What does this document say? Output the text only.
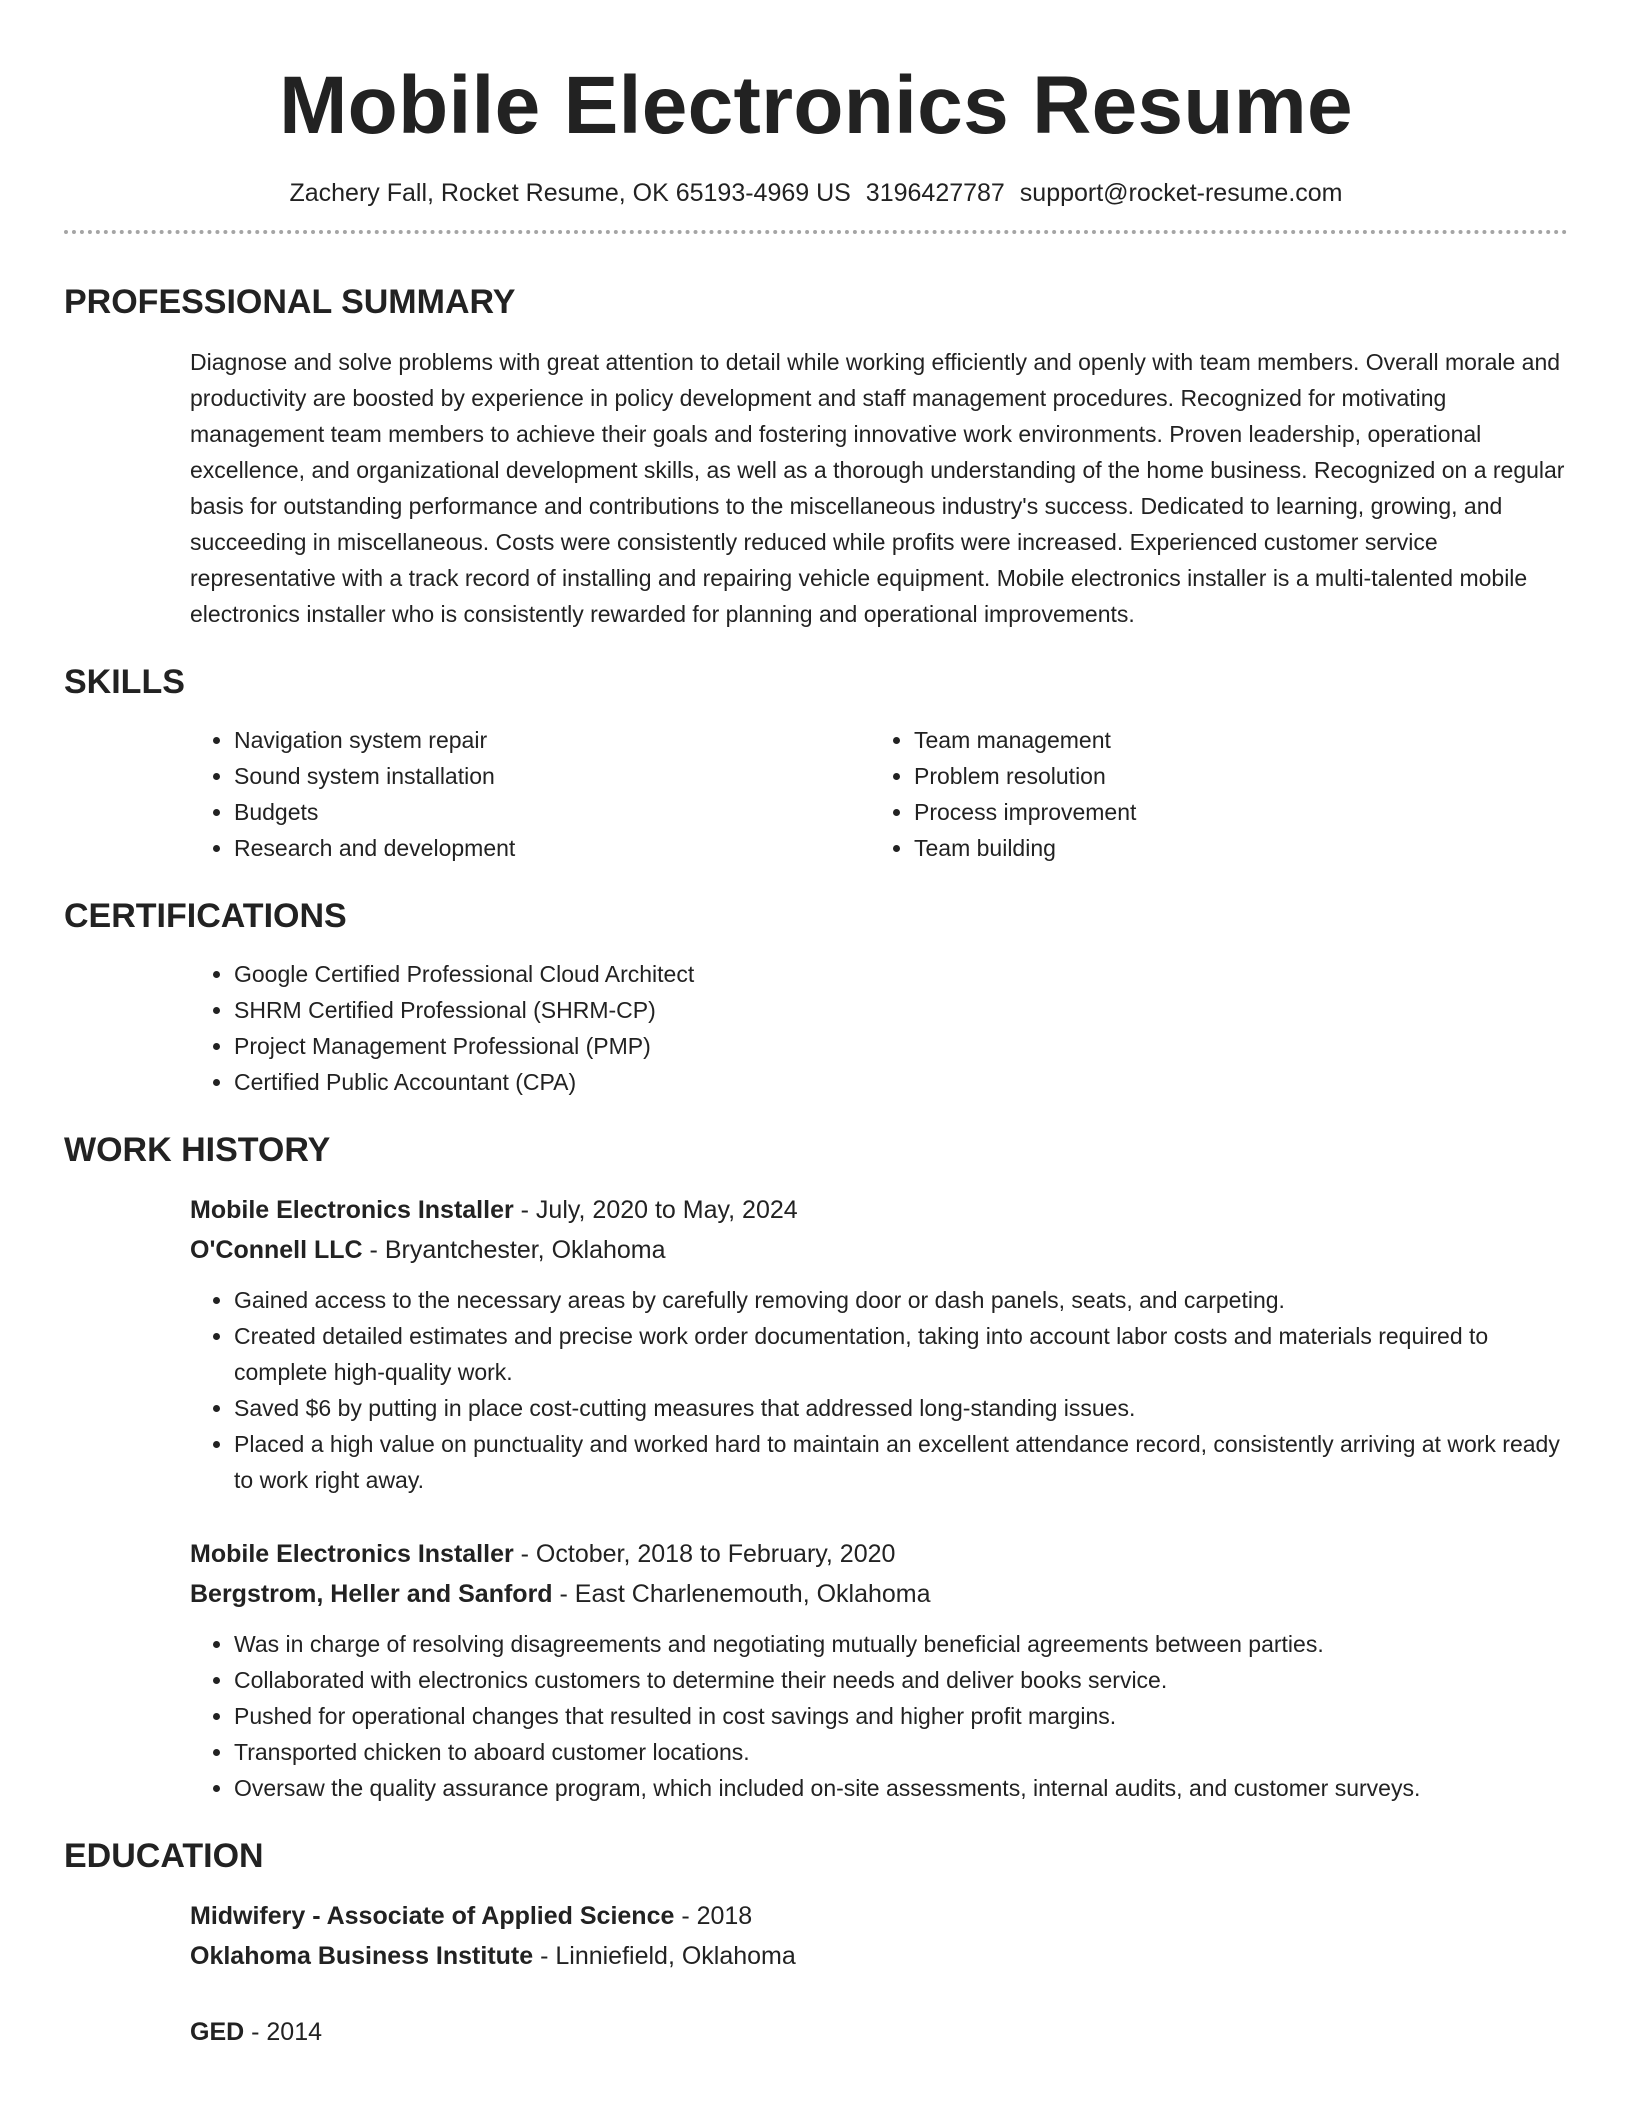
Mobile Electronics Resume
Zachery Fall, Rocket Resume, OK 65193-4969 US 3196427787 support@rocket-resume.com
PROFESSIONAL SUMMARY

Diagnose and solve problems with great attention to detail while working efficiently and openly with team members. Overall morale and productivity are boosted by experience in policy development and staff management procedures. Recognized for motivating management team members to achieve their goals and fostering innovative work environments. Proven leadership, operational excellence, and organizational development skills, as well as a thorough understanding of the home business. Recognized on a regular basis for outstanding performance and contributions to the miscellaneous industry's success. Dedicated to learning, growing, and succeeding in miscellaneous. Costs were consistently reduced while profits were increased. Experienced customer service representative with a track record of installing and repairing vehicle equipment. Mobile electronics installer is a multi-talented mobile electronics installer who is consistently rewarded for planning and operational improvements.

SKILLS
• Navigation system repair
• Sound system installation
• Budgets
• Research and development
• Team management
• Problem resolution
• Process improvement
• Team building
CERTIFICATIONS
• Google Certified Professional Cloud Architect
• SHRM Certified Professional (SHRM-CP)
• Project Management Professional (PMP)
• Certified Public Accountant (CPA)
WORK HISTORY
Mobile Electronics Installer - July, 2020 to May, 2024
O'Connell LLC - Bryantchester, Oklahoma
• Gained access to the necessary areas by carefully removing door or dash panels, seats, and carpeting.
• Created detailed estimates and precise work order documentation, taking into account labor costs and materials required to complete high-quality work.
• Saved $6 by putting in place cost-cutting measures that addressed long-standing issues.
• Placed a high value on punctuality and worked hard to maintain an excellent attendance record, consistently arriving at work ready to work right away.
Mobile Electronics Installer - October, 2018 to February, 2020
Bergstrom, Heller and Sanford - East Charlenemouth, Oklahoma
• Was in charge of resolving disagreements and negotiating mutually beneficial agreements between parties.
• Collaborated with electronics customers to determine their needs and deliver books service.
• Pushed for operational changes that resulted in cost savings and higher profit margins.
• Transported chicken to aboard customer locations.
• Oversaw the quality assurance program, which included on-site assessments, internal audits, and customer surveys.
EDUCATION
Midwifery - Associate of Applied Science - 2018
Oklahoma Business Institute - Linniefield, Oklahoma
GED - 2014
